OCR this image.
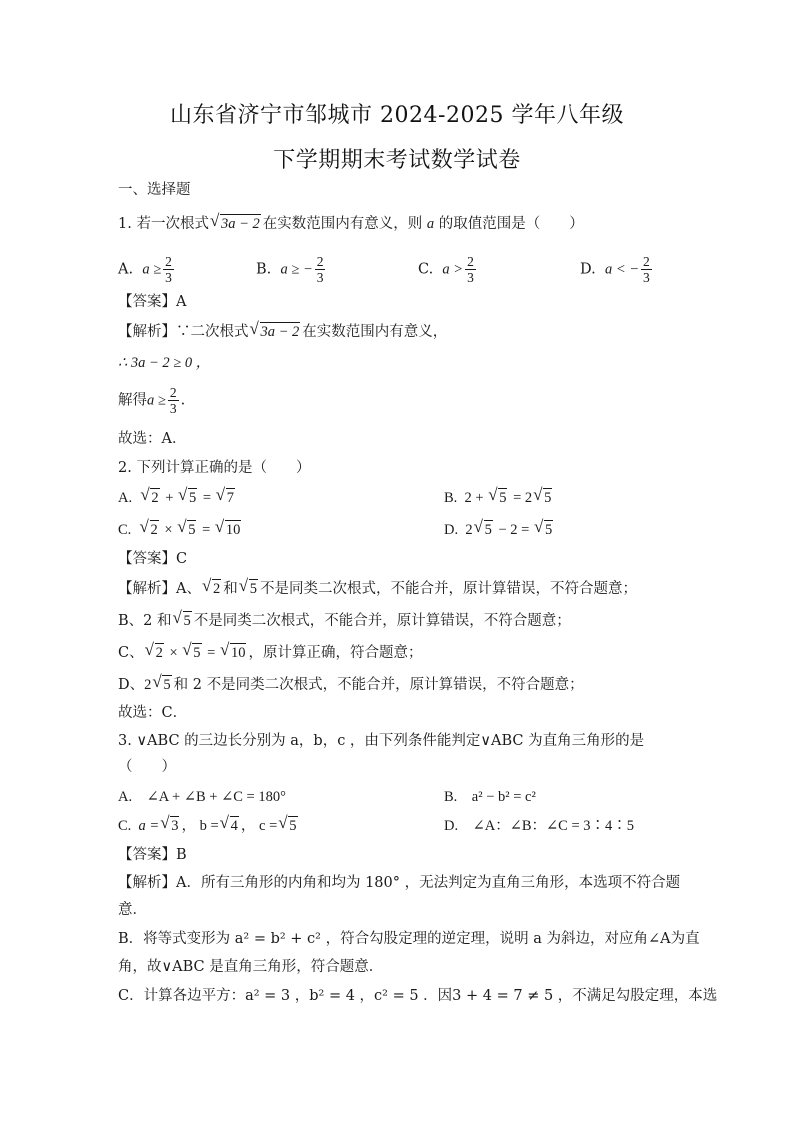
山东省济宁市邹城市 2024-2025 学年八年级
下学期期末考试数学试卷
一、选择题
1. 若一次根式 √ 3a − 2 在实数范围内有意义，则 a 的取值范围是（　　）
A. $a \ge \frac{2}{3}$	B. a ≥ − $\frac{2}{3}$	C. $a > \frac{2}{3}$	D. a < − $\frac{2}{3}$
【答案】A
【解析】∵二次根式 √ 3a − 2 在实数范围内有意义，
∴ 3a − 2 ≥ 0 ，
解得$a \ge \frac{2}{3}$ .
故选：A．
2. 下列计算正确的是（　　）
A. √ 2 + √ 5 = √ 7	B.  2 + √ 5 = 2 √ 5
C. √ 2 × √ 5 = √ 10	D.  2 √ 5 − 2 = √ 5
【答案】C
【解析】A、 √ 2 和 √ 5 不是同类二次根式，不能合并，原计算错误，不符合题意；
B、2 和 √ 5 不是同类二次根式，不能合并，原计算错误，不符合题意；
C、 √ 2 × √ 5 = √ 10 ，原计算正确，符合题意；
D、2 √ 5 和 2 不是同类二次根式，不能合并，原计算错误，不符合题意；
故选：C．
3. ∨ABC 的三边长分别为 a，b，c ，由下列条件能判定∨ABC 为直角三角形的是
（　　）
A.　∠A + ∠B + ∠C = 180°	B.　a² − b² = c²
C. a = √ 3 ， b = √ 4 ， c = √ 5	D.　∠A：∠B：∠C = 3∶4∶5
【答案】B
【解析】A．所有三角形的内角和均为 180° ，无法判定为直角三角形，本选项不符合题
意．
B．将等式变形为 a² = b² + c² ，符合勾股定理的逆定理，说明 a 为斜边，对应角∠A为直
角，故∨ABC 是直角三角形，符合题意．
C．计算各边平方：a² = 3 ，b² = 4 ，c² = 5 ．因3 + 4 = 7 ≠ 5 ，不满足勾股定理，本选
